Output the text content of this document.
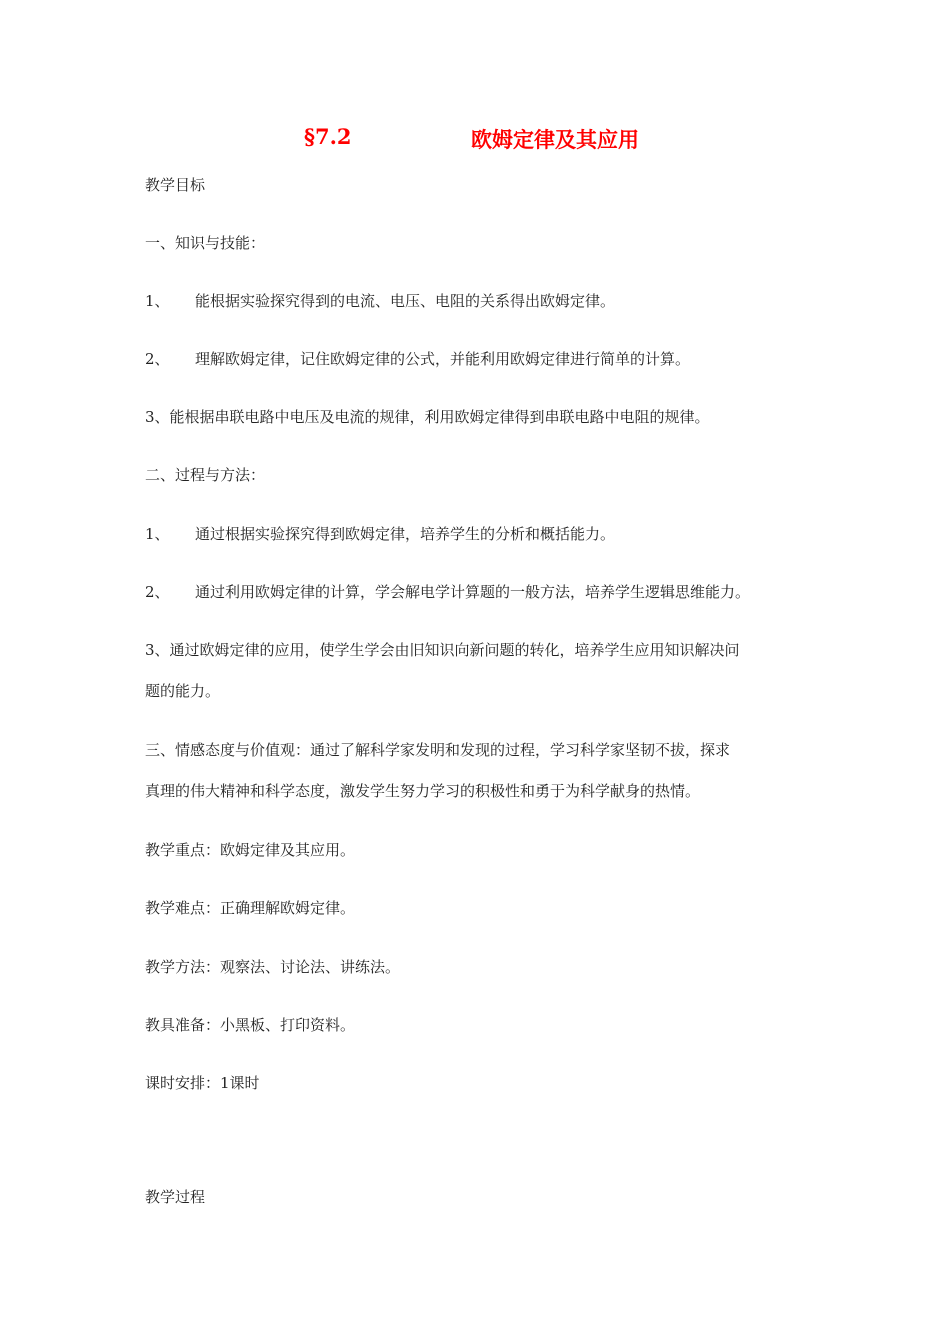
§7.2	欧姆定律及其应用
教学目标
一、知识与技能：
1、 能根据实验探究得到的电流、电压、电阻的关系得出欧姆定律。
2、 理解欧姆定律，记住欧姆定律的公式，并能利用欧姆定律进行简单的计算。
3、能根据串联电路中电压及电流的规律，利用欧姆定律得到串联电路中电阻的规律。
二、过程与方法：
1、 通过根据实验探究得到欧姆定律，培养学生的分析和概括能力。
2、 通过利用欧姆定律的计算，学会解电学计算题的一般方法，培养学生逻辑思维能力。
3、通过欧姆定律的应用，使学生学会由旧知识向新问题的转化，培养学生应用知识解决问
题的能力。
三、情感态度与价值观：通过了解科学家发明和发现的过程，学习科学家坚韧不拔，探求
真理的伟大精神和科学态度，激发学生努力学习的积极性和勇于为科学献身的热情。
教学重点：欧姆定律及其应用。
教学难点：正确理解欧姆定律。
教学方法：观察法、讨论法、讲练法。
教具准备：小黑板、打印资料。
课时安排：1课时
教学过程
